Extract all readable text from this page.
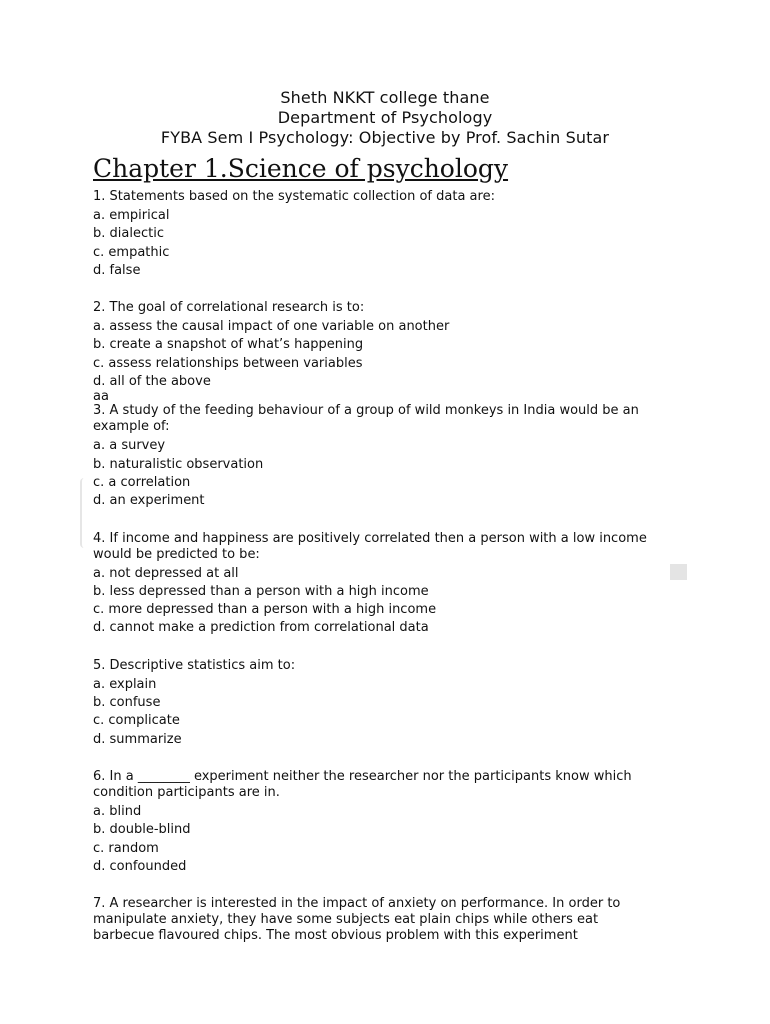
Sheth NKKT college thane
Department of Psychology
FYBA Sem I Psychology: Objective by Prof. Sachin Sutar
Chapter 1.Science of psychology
1. Statements based on the systematic collection of data are:
a. empirical
b. dialectic
c. empathic
d. false
2. The goal of correlational research is to:
a. assess the causal impact of one variable on another
b. create a snapshot of what’s happening
c. assess relationships between variables
d. all of the above
aa
3. A study of the feeding behaviour of a group of wild monkeys in India would be an example of:
a. a survey
b. naturalistic observation
c. a correlation
d. an experiment
4. If income and happiness are positively correlated then a person with a low income would be predicted to be:
a. not depressed at all
b. less depressed than a person with a high income
c. more depressed than a person with a high income
d. cannot make a prediction from correlational data
5. Descriptive statistics aim to:
a. explain
b. confuse
c. complicate
d. summarize
6. In a ________ experiment neither the researcher nor the participants know which condition participants are in.
a. blind
b. double-blind
c. random
d. confounded
7. A researcher is interested in the impact of anxiety on performance. In order to manipulate anxiety, they have some subjects eat plain chips while others eat barbecue flavoured chips. The most obvious problem with this experiment
